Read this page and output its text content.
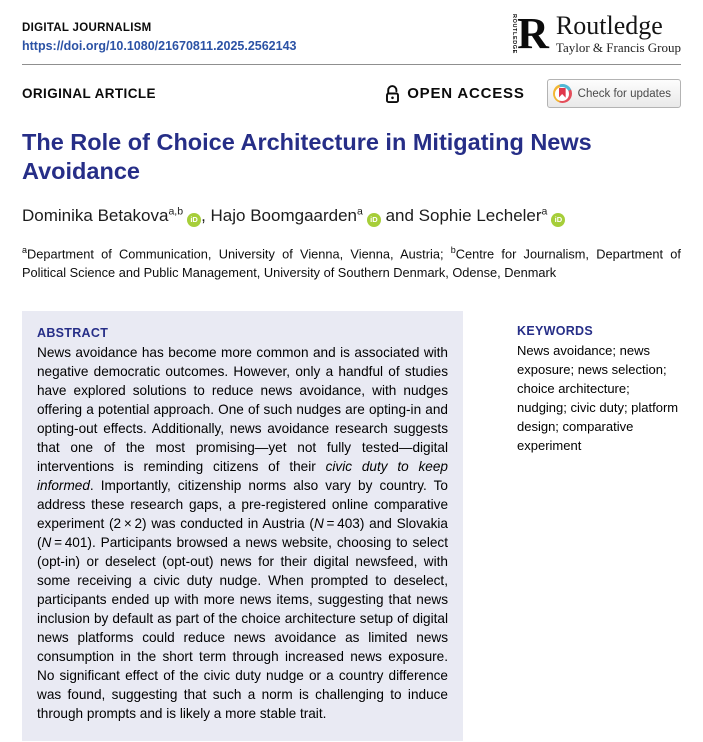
DIGITAL JOURNALISM
https://doi.org/10.1080/21670811.2025.2562143	ROUTLEDGE R Routledge
Taylor & Francis Group
ORIGINAL ARTICLE	OPEN ACCESS	Check for updates
The Role of Choice Architecture in Mitigating News Avoidance
Dominika Betakova$^{a,b}$iD , Hajo Boomgaarden$^a$iD and Sophie Lecheler$^a$iD
$^a$Department of Communication, University of Vienna, Vienna, Austria; $^b$Centre for Journalism, Department of Political Science and Public Management, University of Southern Denmark, Odense, Denmark
ABSTRACT
News avoidance has become more common and is associated with negative democratic outcomes. However, only a handful of studies have explored solutions to reduce news avoidance, with nudges offering a potential approach. One of such nudges are opting-in and opting-out effects. Additionally, news avoidance research suggests that one of the most promising—yet not fully tested—digital interventions is reminding citizens of their civic duty to keep informed. Importantly, citizenship norms also vary by country. To address these research gaps, a pre-registered online comparative experiment (2 × 2) was conducted in Austria (N = 403) and Slovakia (N = 401). Participants browsed a news website, choosing to select (opt-in) or deselect (opt-out) news for their digital newsfeed, with some receiving a civic duty nudge. When prompted to deselect, participants ended up with more news items, suggesting that news inclusion by default as part of the choice architecture setup of digital news platforms could reduce news avoidance as limited news consumption in the short term through increased news exposure. No significant effect of the civic duty nudge or a country difference was found, suggesting that such a norm is challenging to induce through prompts and is likely a more stable trait.
KEYWORDS
News avoidance; news exposure; news selection; choice architecture; nudging; civic duty; platform design; comparative experiment
